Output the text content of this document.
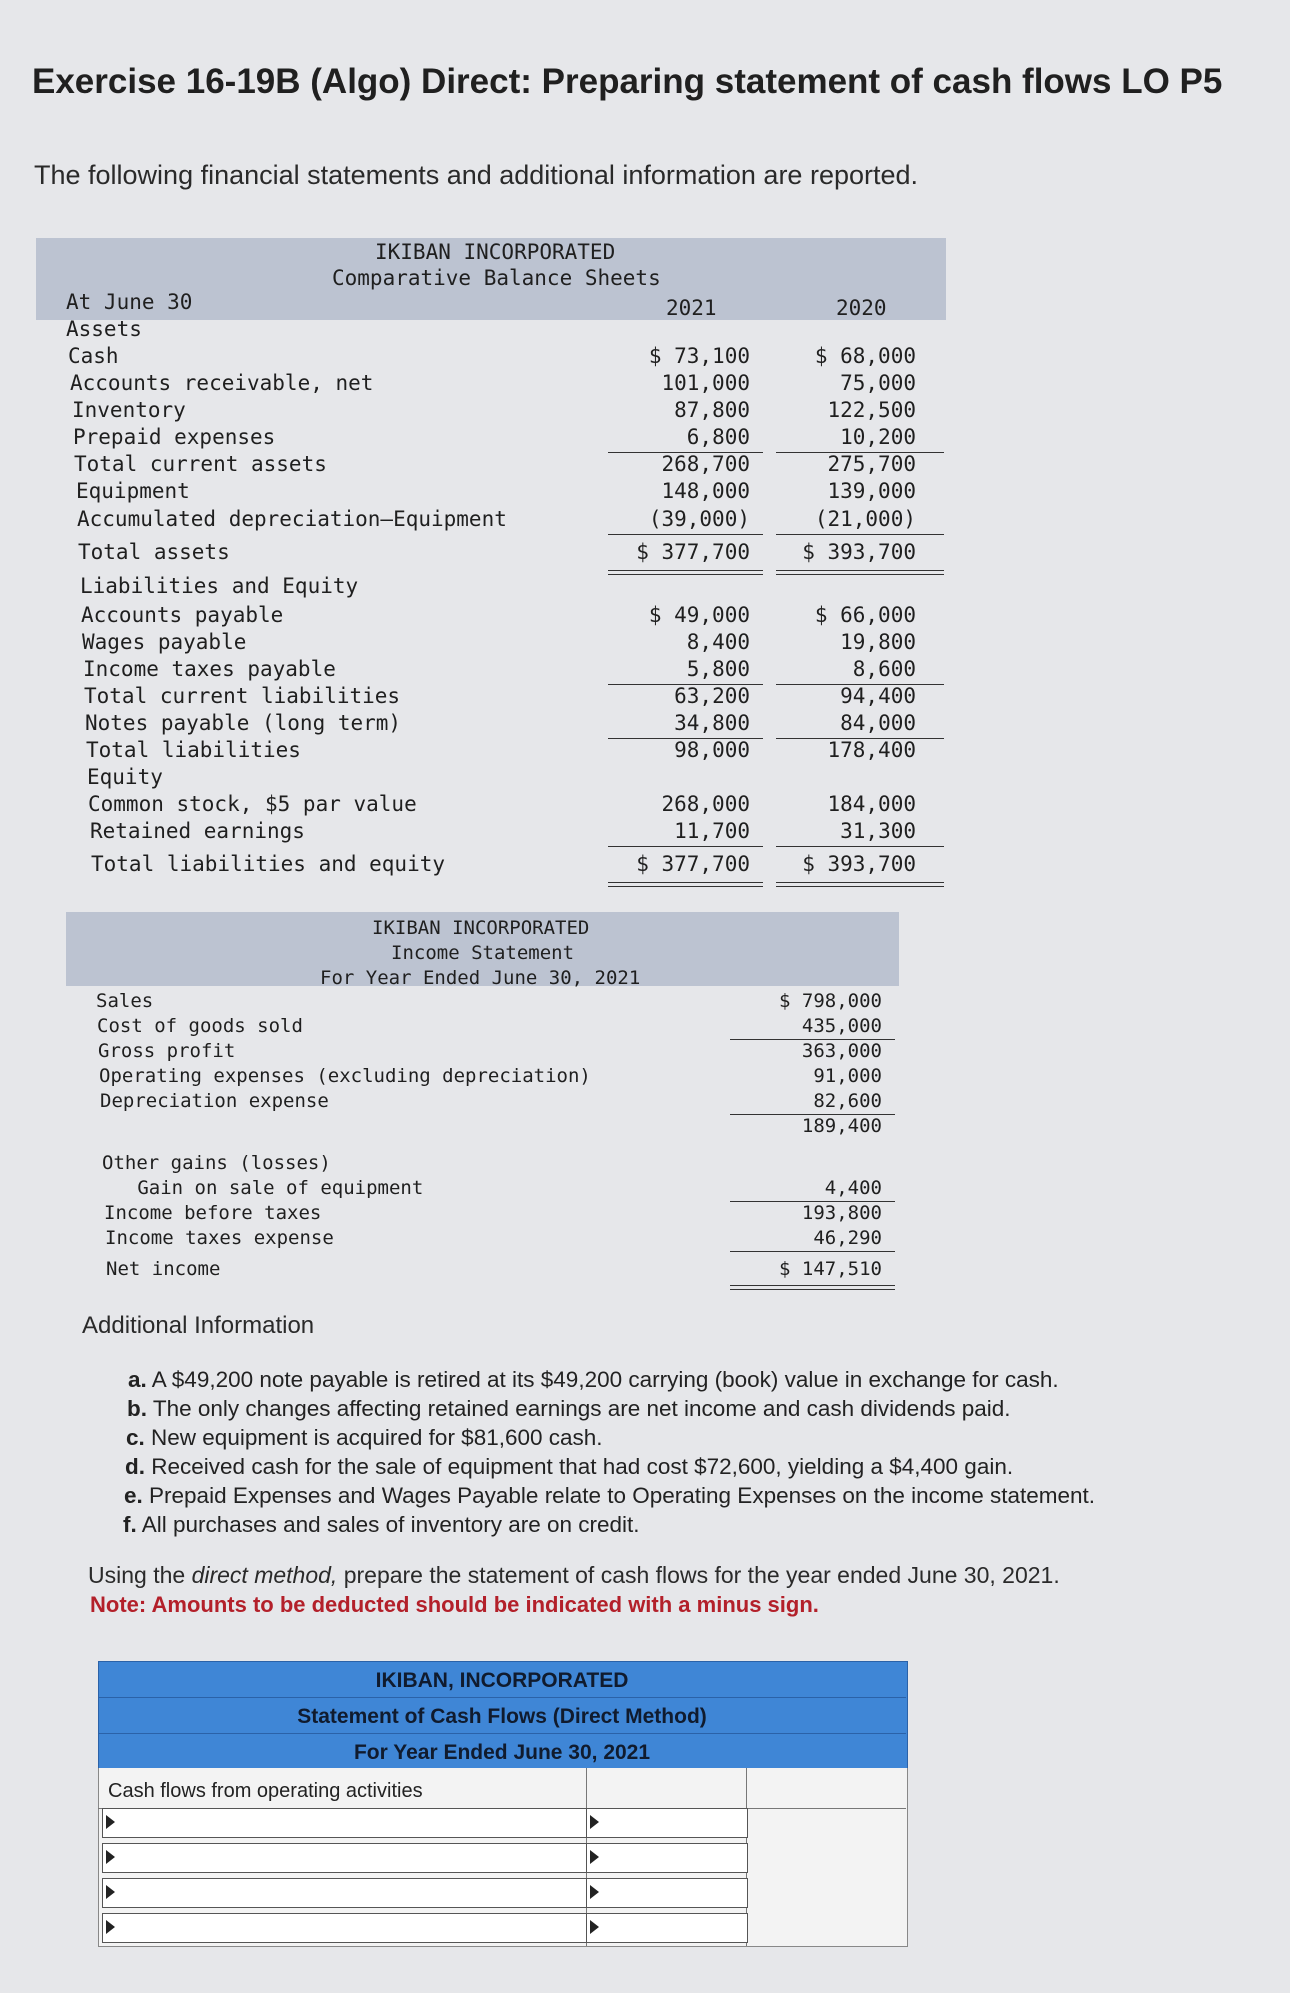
Exercise 16-19B (Algo) Direct: Preparing statement of cash flows LO P5
The following financial statements and additional information are reported.
IKIBAN INCORPORATED
Comparative Balance Sheets
At June 30	2021	2020
Assets
Cash	$ 73,100	$ 68,000
Accounts receivable, net	101,000	75,000
Inventory	87,800	122,500
Prepaid expenses	6,800	10,200
Total current assets	268,700	275,700
Equipment	148,000	139,000
Accumulated depreciation—Equipment	(39,000)	(21,000)
Total assets	$ 377,700	$ 393,700
Liabilities and Equity
Accounts payable	$ 49,000	$ 66,000
Wages payable	8,400	19,800
Income taxes payable	5,800	8,600
Total current liabilities	63,200	94,400
Notes payable (long term)	34,800	84,000
Total liabilities	98,000	178,400
Equity
Common stock, $5 par value	268,000	184,000
Retained earnings	11,700	31,300
Total liabilities and equity	$ 377,700	$ 393,700
IKIBAN INCORPORATED
Income Statement
For Year Ended June 30, 2021
Sales	$ 798,000
Cost of goods sold	435,000
Gross profit	363,000
Operating expenses (excluding depreciation)	91,000
Depreciation expense	82,600
189,400
Other gains (losses)
Gain on sale of equipment	4,400
Income before taxes	193,800
Income taxes expense	46,290
Net income	$ 147,510
Additional Information
a. A $49,200 note payable is retired at its $49,200 carrying (book) value in exchange for cash.
b. The only changes affecting retained earnings are net income and cash dividends paid.
c. New equipment is acquired for $81,600 cash.
d. Received cash for the sale of equipment that had cost $72,600, yielding a $4,400 gain.
e. Prepaid Expenses and Wages Payable relate to Operating Expenses on the income statement.
f. All purchases and sales of inventory are on credit.
Using the direct method, prepare the statement of cash flows for the year ended June 30, 2021.
Note: Amounts to be deducted should be indicated with a minus sign.
IKIBAN, INCORPORATED
Statement of Cash Flows (Direct Method)
For Year Ended June 30, 2021
Cash flows from operating activities
